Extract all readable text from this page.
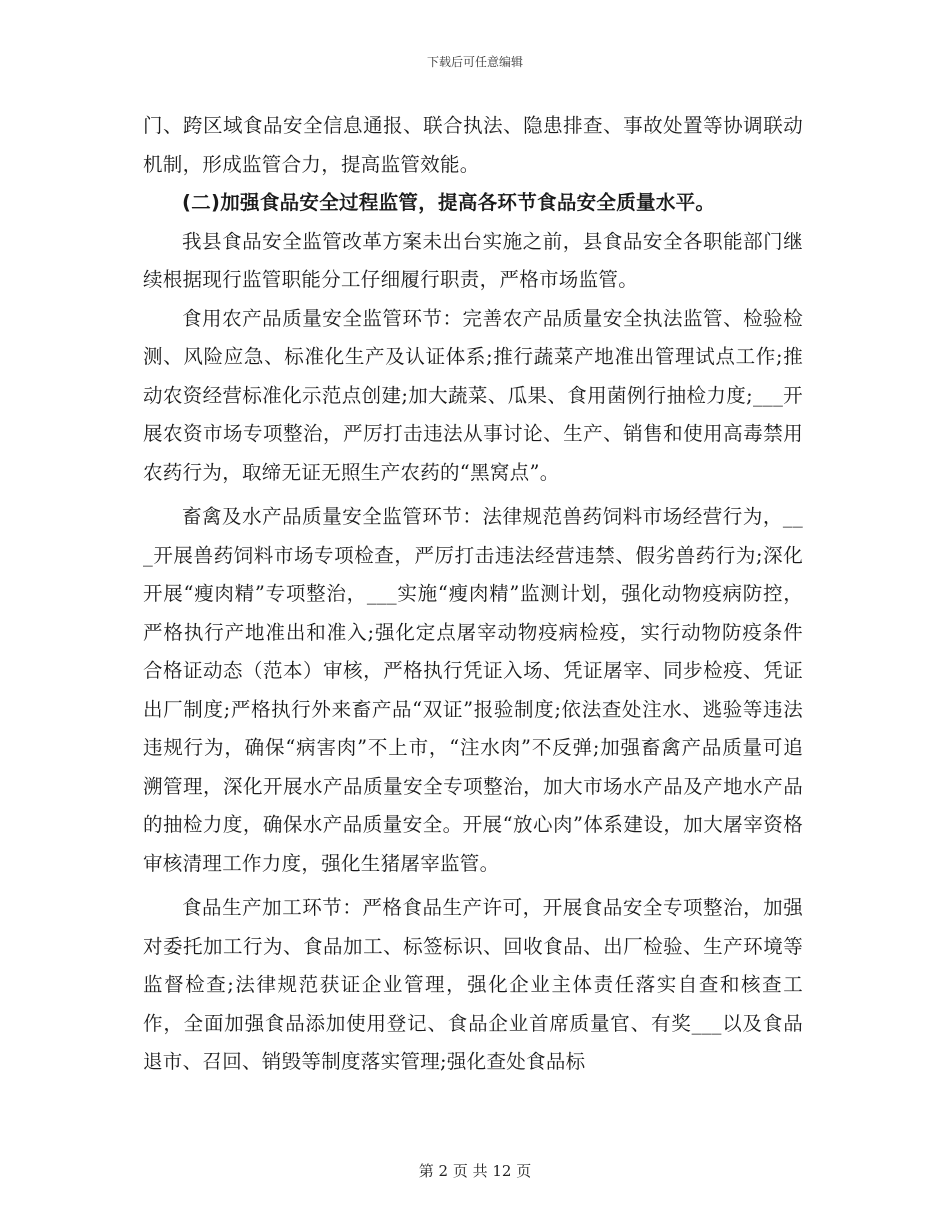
下载后可任意编辑

门、跨区域食品安全信息通报、联合执法、隐患排查、事故处置等协调联动机制，形成监管合力，提高监管效能。

(二)加强食品安全过程监管，提高各环节食品安全质量水平。

我县食品安全监管改革方案未出台实施之前，县食品安全各职能部门继续根据现行监管职能分工仔细履行职责，严格市场监管。

食用农产品质量安全监管环节：完善农产品质量安全执法监管、检验检测、风险应急、标准化生产及认证体系;推行蔬菜产地准出管理试点工作;推动农资经营标准化示范点创建;加大蔬菜、瓜果、食用菌例行抽检力度;___开展农资市场专项整治，严厉打击违法从事讨论、生产、销售和使用高毒禁用农药行为，取缔无证无照生产农药的“黑窝点”。

畜禽及水产品质量安全监管环节：法律规范兽药饲料市场经营行为，___开展兽药饲料市场专项检查，严厉打击违法经营违禁、假劣兽药行为;深化开展“瘦肉精”专项整治，___实施“瘦肉精”监测计划，强化动物疫病防控，严格执行产地准出和准入;强化定点屠宰动物疫病检疫，实行动物防疫条件合格证动态（范本）审核，严格执行凭证入场、凭证屠宰、同步检疫、凭证出厂制度;严格执行外来畜产品“双证”报验制度;依法查处注水、逃验等违法违规行为，确保“病害肉”不上市，“注水肉”不反弹;加强畜禽产品质量可追溯管理，深化开展水产品质量安全专项整治，加大市场水产品及产地水产品的抽检力度，确保水产品质量安全。开展“放心肉”体系建设，加大屠宰资格审核清理工作力度，强化生猪屠宰监管。

食品生产加工环节：严格食品生产许可，开展食品安全专项整治，加强对委托加工行为、食品加工、标签标识、回收食品、出厂检验、生产环境等监督检查;法律规范获证企业管理，强化企业主体责任落实自查和核查工作，全面加强食品添加使用登记、食品企业首席质量官、有奖___以及食品退市、召回、销毁等制度落实管理;强化查处食品标

第 2 页 共 12 页
